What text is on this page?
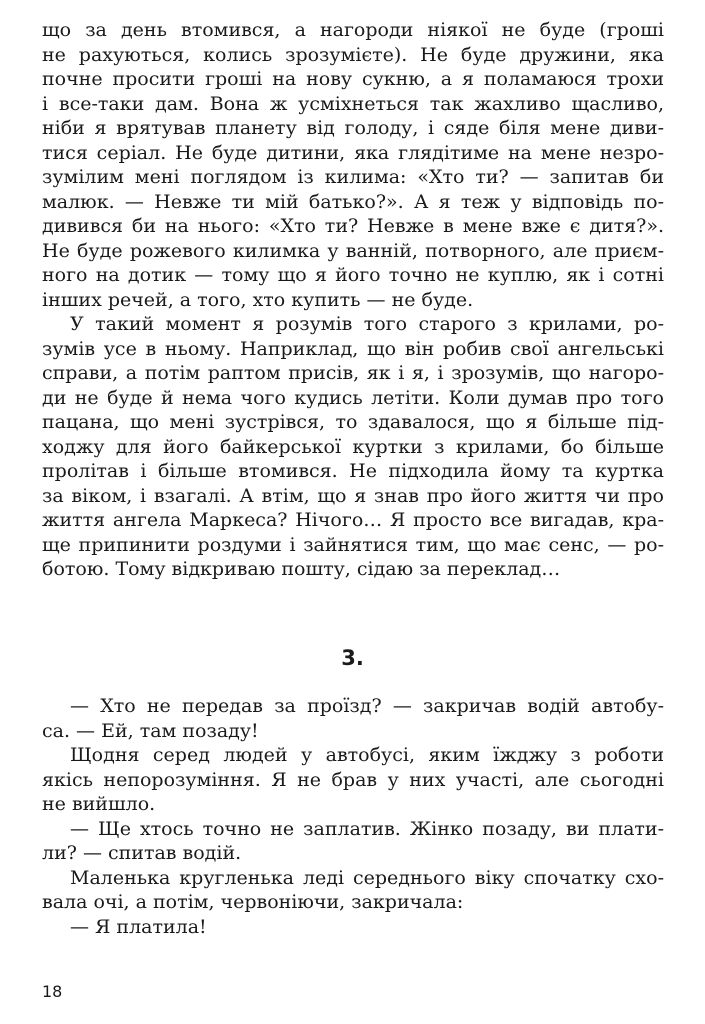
що за день втомився, а нагороди ніякої не буде (гроші
не рахуються, колись зрозумієте). Не буде дружини, яка
почне просити гроші на нову сукню, а я поламаюся трохи
і все-таки дам. Вона ж усміхнеться так жахливо щасливо,
ніби я врятував планету від голоду, і сяде біля мене диви-
тися серіал. Не буде дитини, яка глядітиме на мене незро-
зумілим мені поглядом із килима: «Хто ти? — запитав би
малюк. — Невже ти мій батько?». А я теж у відповідь по-
дивився би на нього: «Хто ти? Невже в мене вже є дитя?».
Не буде рожевого килимка у ванній, потворного, але приєм-
ного на дотик — тому що я його точно не куплю, як і сотні
інших речей, а того, хто купить — не буде.
У такий момент я розумів того старого з крилами, ро-
зумів усе в ньому. Наприклад, що він робив свої ангельські
справи, а потім раптом присів, як і я, і зрозумів, що нагоро-
ди не буде й нема чого кудись летіти. Коли думав про того
пацана, що мені зустрівся, то здавалося, що я більше під-
ходжу для його байкерської куртки з крилами, бо більше
пролітав і більше втомився. Не підходила йому та куртка
за віком, і взагалі. А втім, що я знав про його життя чи про
життя ангела Маркеса? Нічого… Я просто все вигадав, кра-
ще припинити роздуми і зайнятися тим, що має сенс, — ро-
ботою. Тому відкриваю пошту, сідаю за переклад…
3.
— Хто не передав за проїзд? — закричав водій автобу-
са. — Ей, там позаду!
Щодня серед людей у автобусі, яким їжджу з роботи
якісь непорозуміння. Я не брав у них участі, але сьогодні
не вийшло.
— Ще хтось точно не заплатив. Жінко позаду, ви плати-
ли? — спитав водій.
Маленька кругленька леді середнього віку спочатку схо-
вала очі, а потім, червоніючи, закричала:
— Я платила!
18
